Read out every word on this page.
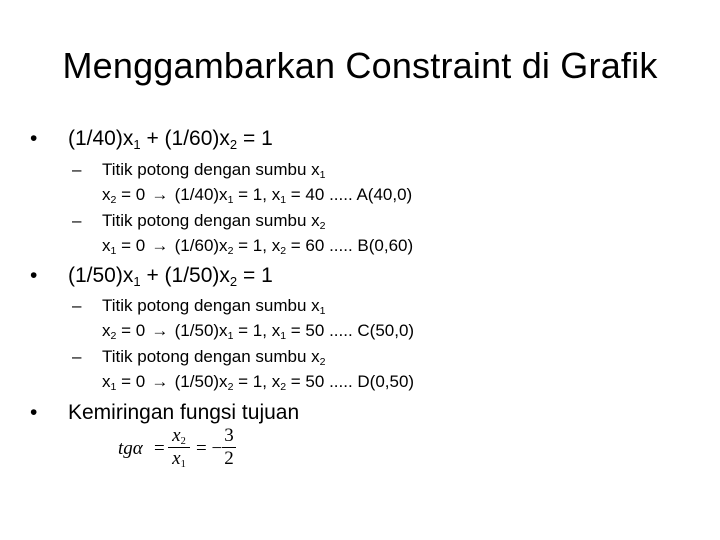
Menggambarkan Constraint di Grafik
• $(1/40)x_1 + (1/60)x_2 = 1$
– Titik potong dengan sumbu $x_1$
$x_2 = 0 \to (1/40)x_1 = 1$, $x_1 = 40$ ..... A(40,0)
– Titik potong dengan sumbu $x_2$
$x_1 = 0 \to (1/60)x_2 = 1$, $x_2 = 60$ ..... B(0,60)
• $(1/50)x_1 + (1/50)x_2 = 1$
– Titik potong dengan sumbu $x_1$
$x_2 = 0 \to (1/50)x_1 = 1$, $x_1 = 50$ ..... C(50,0)
– Titik potong dengan sumbu $x_2$
$x_1 = 0 \to (1/50)x_2 = 1$, $x_2 = 50$ ..... D(0,50)
• Kemiringan fungsi tujuan
tgα
$x_2$
$x_1$
= = −
3
2
